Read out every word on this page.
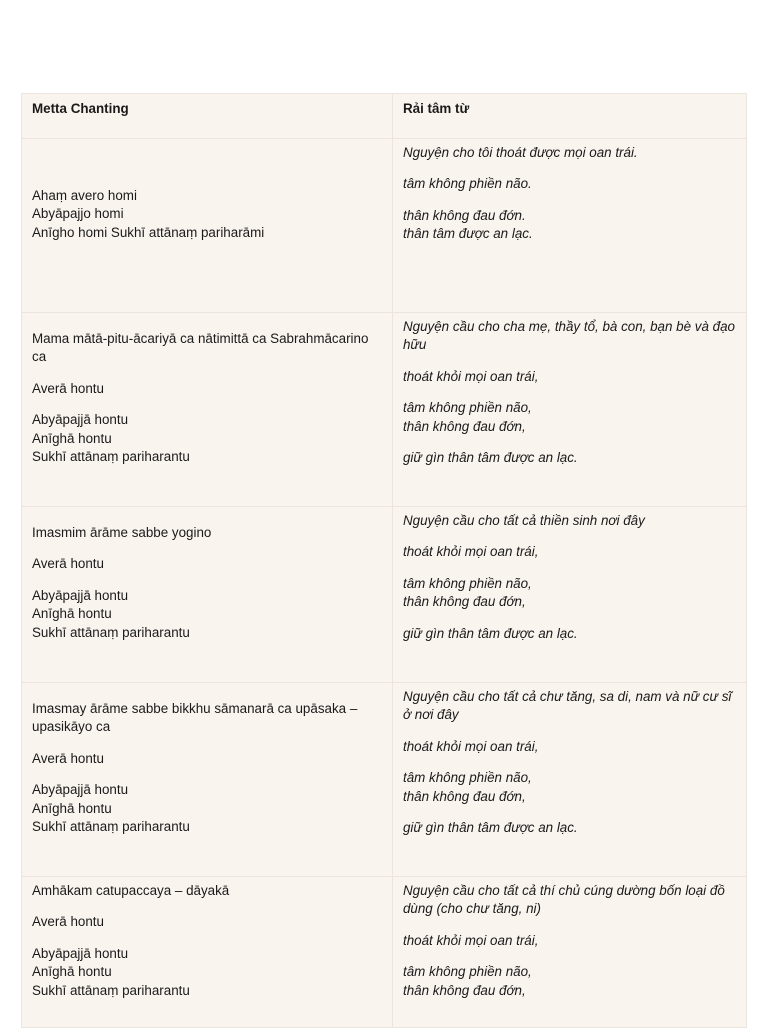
Metta Chanting	Rải tâm từ

Ahaṃ avero homi
Abyāpajjo homi
Anīgho homi Sukhī attānaṃ pariharāmi	Nguyện cho tôi thoát được mọi oan trái.
tâm không phiền não.
thân không đau đớn.
thân tâm được an lạc.

Mama mātā-pitu-ācariyā ca nātimittā ca Sabrahmācarino ca
Averā hontu
Abyāpajjā hontu
Anīghā hontu
Sukhī attānaṃ pariharantu	Nguyện cầu cho cha mẹ, thầy tổ, bà con, bạn bè và đạo hữu
thoát khỏi mọi oan trái,
tâm không phiền não,
thân không đau đớn,
giữ gìn thân tâm được an lạc.

Imasmim ārāme sabbe yogino
Averā hontu
Abyāpajjā hontu
Anīghā hontu
Sukhī attānaṃ pariharantu	Nguyện cầu cho tất cả thiền sinh nơi đây
thoát khỏi mọi oan trái,
tâm không phiền não,
thân không đau đớn,
giữ gìn thân tâm được an lạc.

Imasmay ārāme sabbe bikkhu sāmanarā ca upāsaka – upasikāyo ca
Averā hontu
Abyāpajjā hontu
Anīghā hontu
Sukhī attānaṃ pariharantu	Nguyện cầu cho tất cả chư tăng, sa di, nam và nữ cư sĩ ở nơi đây
thoát khỏi mọi oan trái,
tâm không phiền não,
thân không đau đớn,
giữ gìn thân tâm được an lạc.

Amhākam catupaccaya – dāyakā
Averā hontu
Abyāpajjā hontu
Anīghā hontu
Sukhī attānaṃ pariharantu	Nguyện cầu cho tất cả thí chủ cúng dường bốn loại đồ dùng (cho chư tăng, ni)
thoát khỏi mọi oan trái,
tâm không phiền não,
thân không đau đớn,
